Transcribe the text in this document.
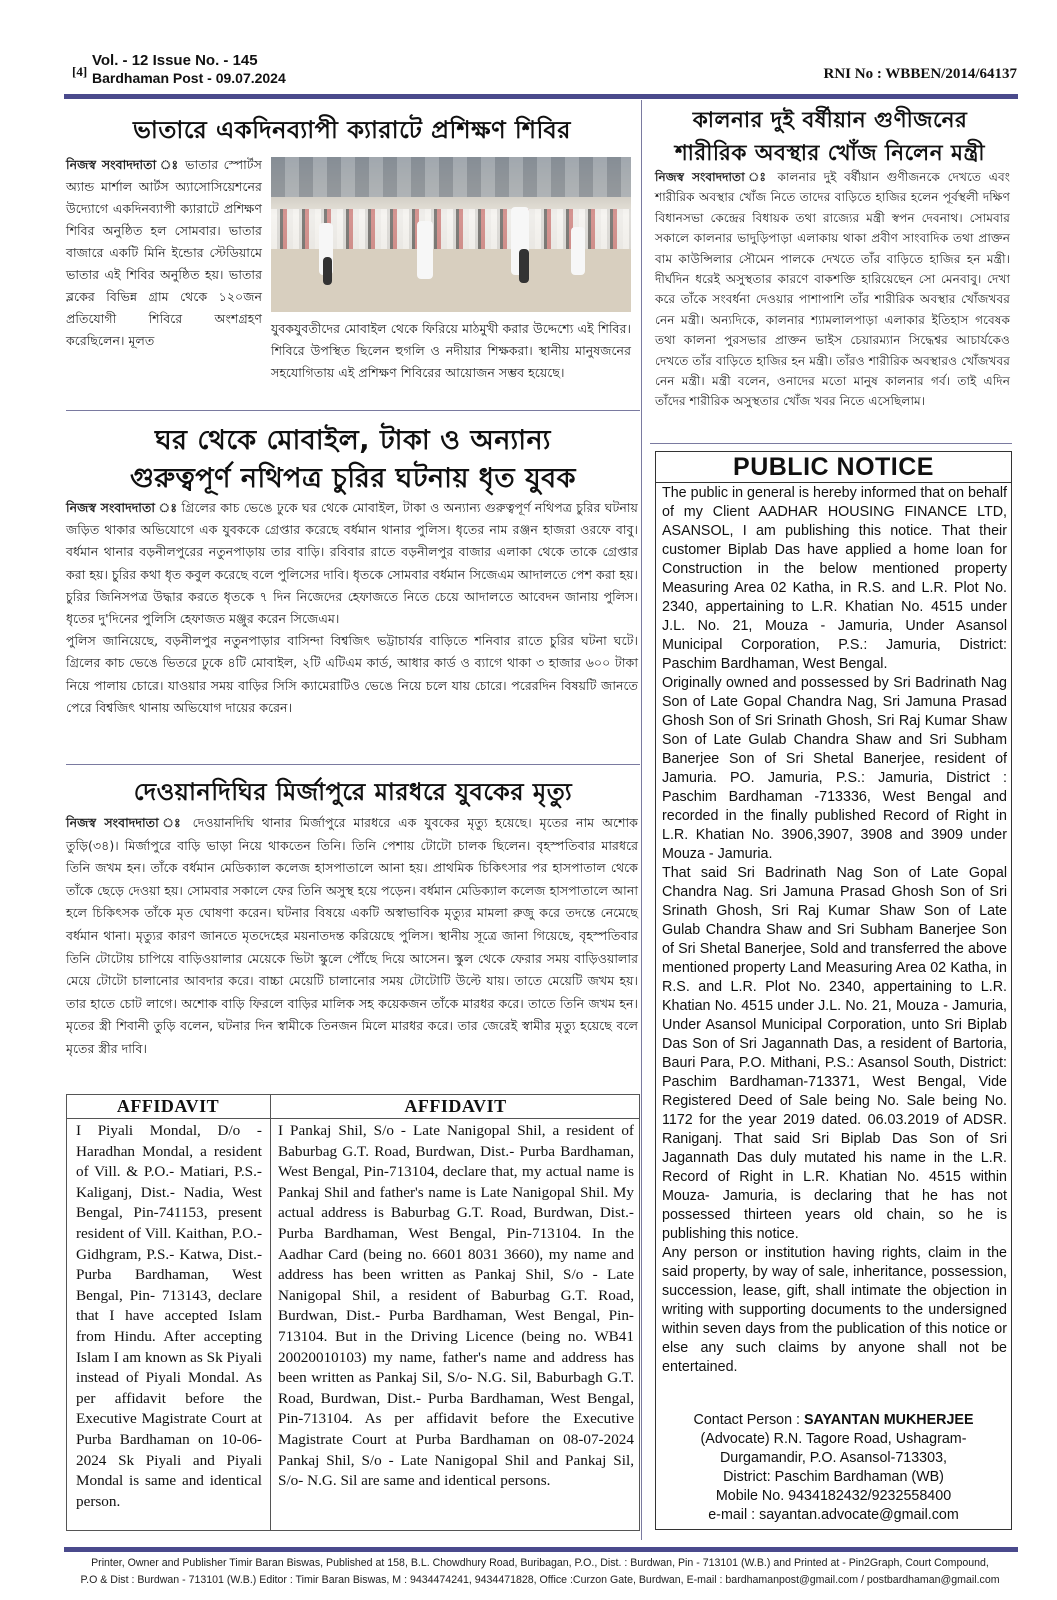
[4]
Vol. - 12 Issue No. - 145
Bardhaman Post - 09.07.2024	RNI No : WBBEN/2014/64137
ভাতারে একদিনব্যাপী ক্যারাটে প্রশিক্ষণ শিবির
নিজস্ব সংবাদদাতা ঃ ভাতার স্পোর্টস অ্যান্ড মার্শাল আর্টস অ্যাসোসিয়েশনের উদ্যোগে একদিনব্যাপী ক্যারাটে প্রশিক্ষণ শিবির অনুষ্ঠিত হল সোমবার। ভাতার বাজারে একটি মিনি ইন্ডোর স্টেডিয়ামে ভাতার এই শিবির অনুষ্ঠিত হয়। ভাতার ব্লকের বিভিন্ন গ্রাম থেকে ১২০জন প্রতিযোগী শিবিরে অংশগ্রহণ করেছিলেন। মূলত
যুবকযুবতীদের মোবাইল থেকে ফিরিয়ে মাঠমুখী করার উদ্দেশ্যে এই শিবির। শিবিরে উপস্থিত ছিলেন হুগলি ও নদীয়ার শিক্ষকরা। স্থানীয় মানুষজনের সহযোগিতায় এই প্রশিক্ষণ শিবিরের আয়োজন সম্ভব হয়েছে।
কালনার দুই বর্ষীয়ান গুণীজনের
শারীরিক অবস্থার খোঁজ নিলেন মন্ত্রী
নিজস্ব সংবাদদাতা ঃ কালনার দুই বর্ষীয়ান গুণীজনকে দেখতে এবং শারীরিক অবস্থার খোঁজ নিতে তাদের বাড়িতে হাজির হলেন পূর্বস্থলী দক্ষিণ বিধানসভা কেন্দ্রের বিধায়ক তথা রাজ্যের মন্ত্রী স্বপন দেবনাথ। সোমবার সকালে কালনার ভাদুড়িপাড়া এলাকায় থাকা প্রবীণ সাংবাদিক তথা প্রাক্তন বাম কাউন্সিলার সৌমেন পালকে দেখতে তাঁর বাড়িতে হাজির হন মন্ত্রী। দীর্ঘদিন ধরেই অসুস্থতার কারণে বাকশক্তি হারিয়েছেন সো মেনবাবু। দেখা করে তাঁকে সংবর্ধনা দেওয়ার পাশাপাশি তাঁর শারীরিক অবস্থার খোঁজখবর নেন মন্ত্রী। অন্যদিকে, কালনার শ্যামলালপাড়া এলাকার ইতিহাস গবেষক তথা কালনা পুরসভার প্রাক্তন ভাইস চেয়ারম্যান সিদ্ধেশ্বর আচার্যকেও দেখতে তাঁর বাড়িতে হাজির হন মন্ত্রী। তাঁরও শারীরিক অবস্থারও খোঁজখবর নেন মন্ত্রী। মন্ত্রী বলেন, ওনাদের মতো মানুষ কালনার গর্ব। তাই এদিন তাঁদের শারীরিক অসুস্থতার খোঁজ খবর নিতে এসেছিলাম।
ঘর থেকে মোবাইল, টাকা ও অন্যান্য
গুরুত্বপূর্ণ নথিপত্র চুরির ঘটনায় ধৃত যুবক
নিজস্ব সংবাদদাতা ঃ গ্রিলের কাচ ভেঙে ঢুকে ঘর থেকে মোবাইল, টাকা ও অন্যান্য গুরুত্বপূর্ণ নথিপত্র চুরির ঘটনায় জড়িত থাকার অভিযোগে এক যুবককে গ্রেপ্তার করেছে বর্ধমান থানার পুলিস। ধৃতের নাম রঞ্জন হাজরা ওরফে বাবু। বর্ধমান থানার বড়নীলপুরের নতুনপাড়ায় তার বাড়ি। রবিবার রাতে বড়নীলপুর বাজার এলাকা থেকে তাকে গ্রেপ্তার করা হয়। চুরির কথা ধৃত কবুল করেছে বলে পুলিসের দাবি। ধৃতকে সোমবার বর্ধমান সিজেএম আদালতে পেশ করা হয়। চুরির জিনিসপত্র উদ্ধার করতে ধৃতকে ৭ দিন নিজেদের হেফাজতে নিতে চেয়ে আদালতে আবেদন জানায় পুলিস। ধৃতের দু'দিনের পুলিসি হেফাজত মঞ্জুর করেন সিজেএম।
পুলিস জানিয়েছে, বড়নীলপুর নতুনপাড়ার বাসিন্দা বিশ্বজিৎ ভট্টাচার্যর বাড়িতে শনিবার রাতে চুরির ঘটনা ঘটে। গ্রিলের কাচ ভেঙে ভিতরে ঢুকে ৪টি মোবাইল, ২টি এটিএম কার্ড, আধার কার্ড ও ব্যাগে থাকা ৩ হাজার ৬০০ টাকা নিয়ে পালায় চোরে। যাওয়ার সময় বাড়ির সিসি ক্যামেরাটিও ভেঙে নিয়ে চলে যায় চোরে। পরেরদিন বিষয়টি জানতে পেরে বিশ্বজিৎ থানায় অভিযোগ দায়ের করেন।
দেওয়ানদিঘির মির্জাপুরে মারধরে যুবকের মৃত্যু
নিজস্ব সংবাদদাতা ঃ দেওয়ানদিঘি থানার মির্জাপুরে মারধরে এক যুবকের মৃত্যু হয়েছে। মৃতের নাম অশোক তুড়ি(৩৪)। মির্জাপুরে বাড়ি ভাড়া নিয়ে থাকতেন তিনি। তিনি পেশায় টোটো চালক ছিলেন। বৃহস্পতিবার মারধরে তিনি জখম হন। তাঁকে বর্ধমান মেডিক্যাল কলেজ হাসপাতালে আনা হয়। প্রাথমিক চিকিৎসার পর হাসপাতাল থেকে তাঁকে ছেড়ে দেওয়া হয়। সোমবার সকালে ফের তিনি অসুস্থ হয়ে পড়েন। বর্ধমান মেডিক্যাল কলেজ হাসপাতালে আনা হলে চিকিৎসক তাঁকে মৃত ঘোষণা করেন। ঘটনার বিষয়ে একটি অস্বাভাবিক মৃত্যুর মামলা রুজু করে তদন্তে নেমেছে বর্ধমান থানা। মৃত্যুর কারণ জানতে মৃতদেহের ময়নাতদন্ত করিয়েছে পুলিস। স্থানীয় সূত্রে জানা গিয়েছে, বৃহস্পতিবার তিনি টোটোয় চাপিয়ে বাড়িওয়ালার মেয়েকে ভিটা স্কুলে পৌঁছে দিয়ে আসেন। স্কুল থেকে ফেরার সময় বাড়িওয়ালার মেয়ে টোটো চালানোর আবদার করে। বাচ্চা মেয়েটি চালানোর সময় টোটোটি উল্টে যায়। তাতে মেয়েটি জখম হয়। তার হাতে চোট লাগে। অশোক বাড়ি ফিরলে বাড়ির মালিক সহ কয়েকজন তাঁকে মারধর করে। তাতে তিনি জখম হন। মৃতের স্ত্রী শিবানী তুড়ি বলেন, ঘটনার দিন স্বামীকে তিনজন মিলে মারধর করে। তার জেরেই স্বামীর মৃত্যু হয়েছে বলে মৃতের স্ত্রীর দাবি।
AFFIDAVIT
I Piyali Mondal, D/o - Haradhan Mondal, a resident of Vill. & P.O.- Matiari, P.S.- Kaliganj, Dist.- Nadia, West Bengal, Pin-741153, present resident of Vill. Kaithan, P.O.- Gidhgram, P.S.- Katwa, Dist.- Purba Bardhaman, West Bengal, Pin- 713143, declare that I have accepted Islam from Hindu. After accepting Islam I am known as Sk Piyali instead of Piyali Mondal. As per affidavit before the Executive Magistrate Court at Purba Bardhaman on 10-06-2024 Sk Piyali and Piyali Mondal is same and identical person.
AFFIDAVIT
I Pankaj Shil, S/o - Late Nanigopal Shil, a resident of Baburbag G.T. Road, Burdwan, Dist.- Purba Bardhaman, West Bengal, Pin-713104, declare that, my actual name is Pankaj Shil and father's name is Late Nanigopal Shil. My actual address is Baburbag G.T. Road, Burdwan, Dist.- Purba Bardhaman, West Bengal, Pin-713104. In the Aadhar Card (being no. 6601 8031 3660), my name and address has been written as Pankaj Shil, S/o - Late Nanigopal Shil, a resident of Baburbag G.T. Road, Burdwan, Dist.- Purba Bardhaman, West Bengal, Pin-713104. But in the Driving Licence (being no. WB41 20020010103) my name, father's name and address has been written as Pankaj Sil, S/o- N.G. Sil, Baburbagh G.T. Road, Burdwan, Dist.- Purba Bardhaman, West Bengal, Pin-713104. As per affidavit before the Executive Magistrate Court at Purba Bardhaman on 08-07-2024 Pankaj Shil, S/o - Late Nanigopal Shil and Pankaj Sil, S/o- N.G. Sil are same and identical persons.
PUBLIC NOTICE
The public in general is hereby informed that on behalf of my Client AADHAR HOUSING FINANCE LTD, ASANSOL, I am publishing this notice. That their customer Biplab Das have applied a home loan for Construction in the below mentioned property Measuring Area 02 Katha, in R.S. and L.R. Plot No. 2340, appertaining to L.R. Khatian No. 4515 under J.L. No. 21, Mouza - Jamuria, Under Asansol Municipal Corporation, P.S.: Jamuria, District: Paschim Bardhaman, West Bengal.
Originally owned and possessed by Sri Badrinath Nag Son of Late Gopal Chandra Nag, Sri Jamuna Prasad Ghosh Son of Sri Srinath Ghosh, Sri Raj Kumar Shaw Son of Late Gulab Chandra Shaw and Sri Subham Banerjee Son of Sri Shetal Banerjee, resident of Jamuria. PO. Jamuria, P.S.: Jamuria, District : Paschim Bardhaman -713336, West Bengal and recorded in the finally published Record of Right in L.R. Khatian No. 3906,3907, 3908 and 3909 under Mouza - Jamuria.
That said Sri Badrinath Nag Son of Late Gopal Chandra Nag. Sri Jamuna Prasad Ghosh Son of Sri Srinath Ghosh, Sri Raj Kumar Shaw Son of Late Gulab Chandra Shaw and Sri Subham Banerjee Son of Sri Shetal Banerjee, Sold and transferred the above mentioned property Land Measuring Area 02 Katha, in R.S. and L.R. Plot No. 2340, appertaining to L.R. Khatian No. 4515 under J.L. No. 21, Mouza - Jamuria, Under Asansol Municipal Corporation, unto Sri Biplab Das Son of Sri Jagannath Das, a resident of Bartoria, Bauri Para, P.O. Mithani, P.S.: Asansol South, District: Paschim Bardhaman-713371, West Bengal, Vide Registered Deed of Sale being No. Sale being No. 1172 for the year 2019 dated. 06.03.2019 of ADSR. Raniganj. That said Sri Biplab Das Son of Sri Jagannath Das duly mutated his name in the L.R. Record of Right in L.R. Khatian No. 4515 within Mouza- Jamuria, is declaring that he has not possessed thirteen years old chain, so he is publishing this notice.
Any person or institution having rights, claim in the said property, by way of sale, inheritance, possession, succession, lease, gift, shall intimate the objection in writing with supporting documents to the undersigned within seven days from the publication of this notice or else any such claims by anyone shall not be entertained.
Contact Person : SAYANTAN MUKHERJEE
(Advocate) R.N. Tagore Road, Ushagram-
Durgamandir, P.O. Asansol-713303,
District: Paschim Bardhaman (WB)
Mobile No. 9434182432/9232558400
e-mail : sayantan.advocate@gmail.com
Printer, Owner and Publisher Timir Baran Biswas, Published at 158, B.L. Chowdhury Road, Buribagan, P.O., Dist. : Burdwan, Pin - 713101 (W.B.) and Printed at - Pin2Graph, Court Compound,
P.O & Dist : Burdwan - 713101 (W.B.) Editor : Timir Baran Biswas, M : 9434474241, 9434471828, Office :Curzon Gate, Burdwan, E-mail : bardhamanpost@gmail.com / postbardhaman@gmail.com
